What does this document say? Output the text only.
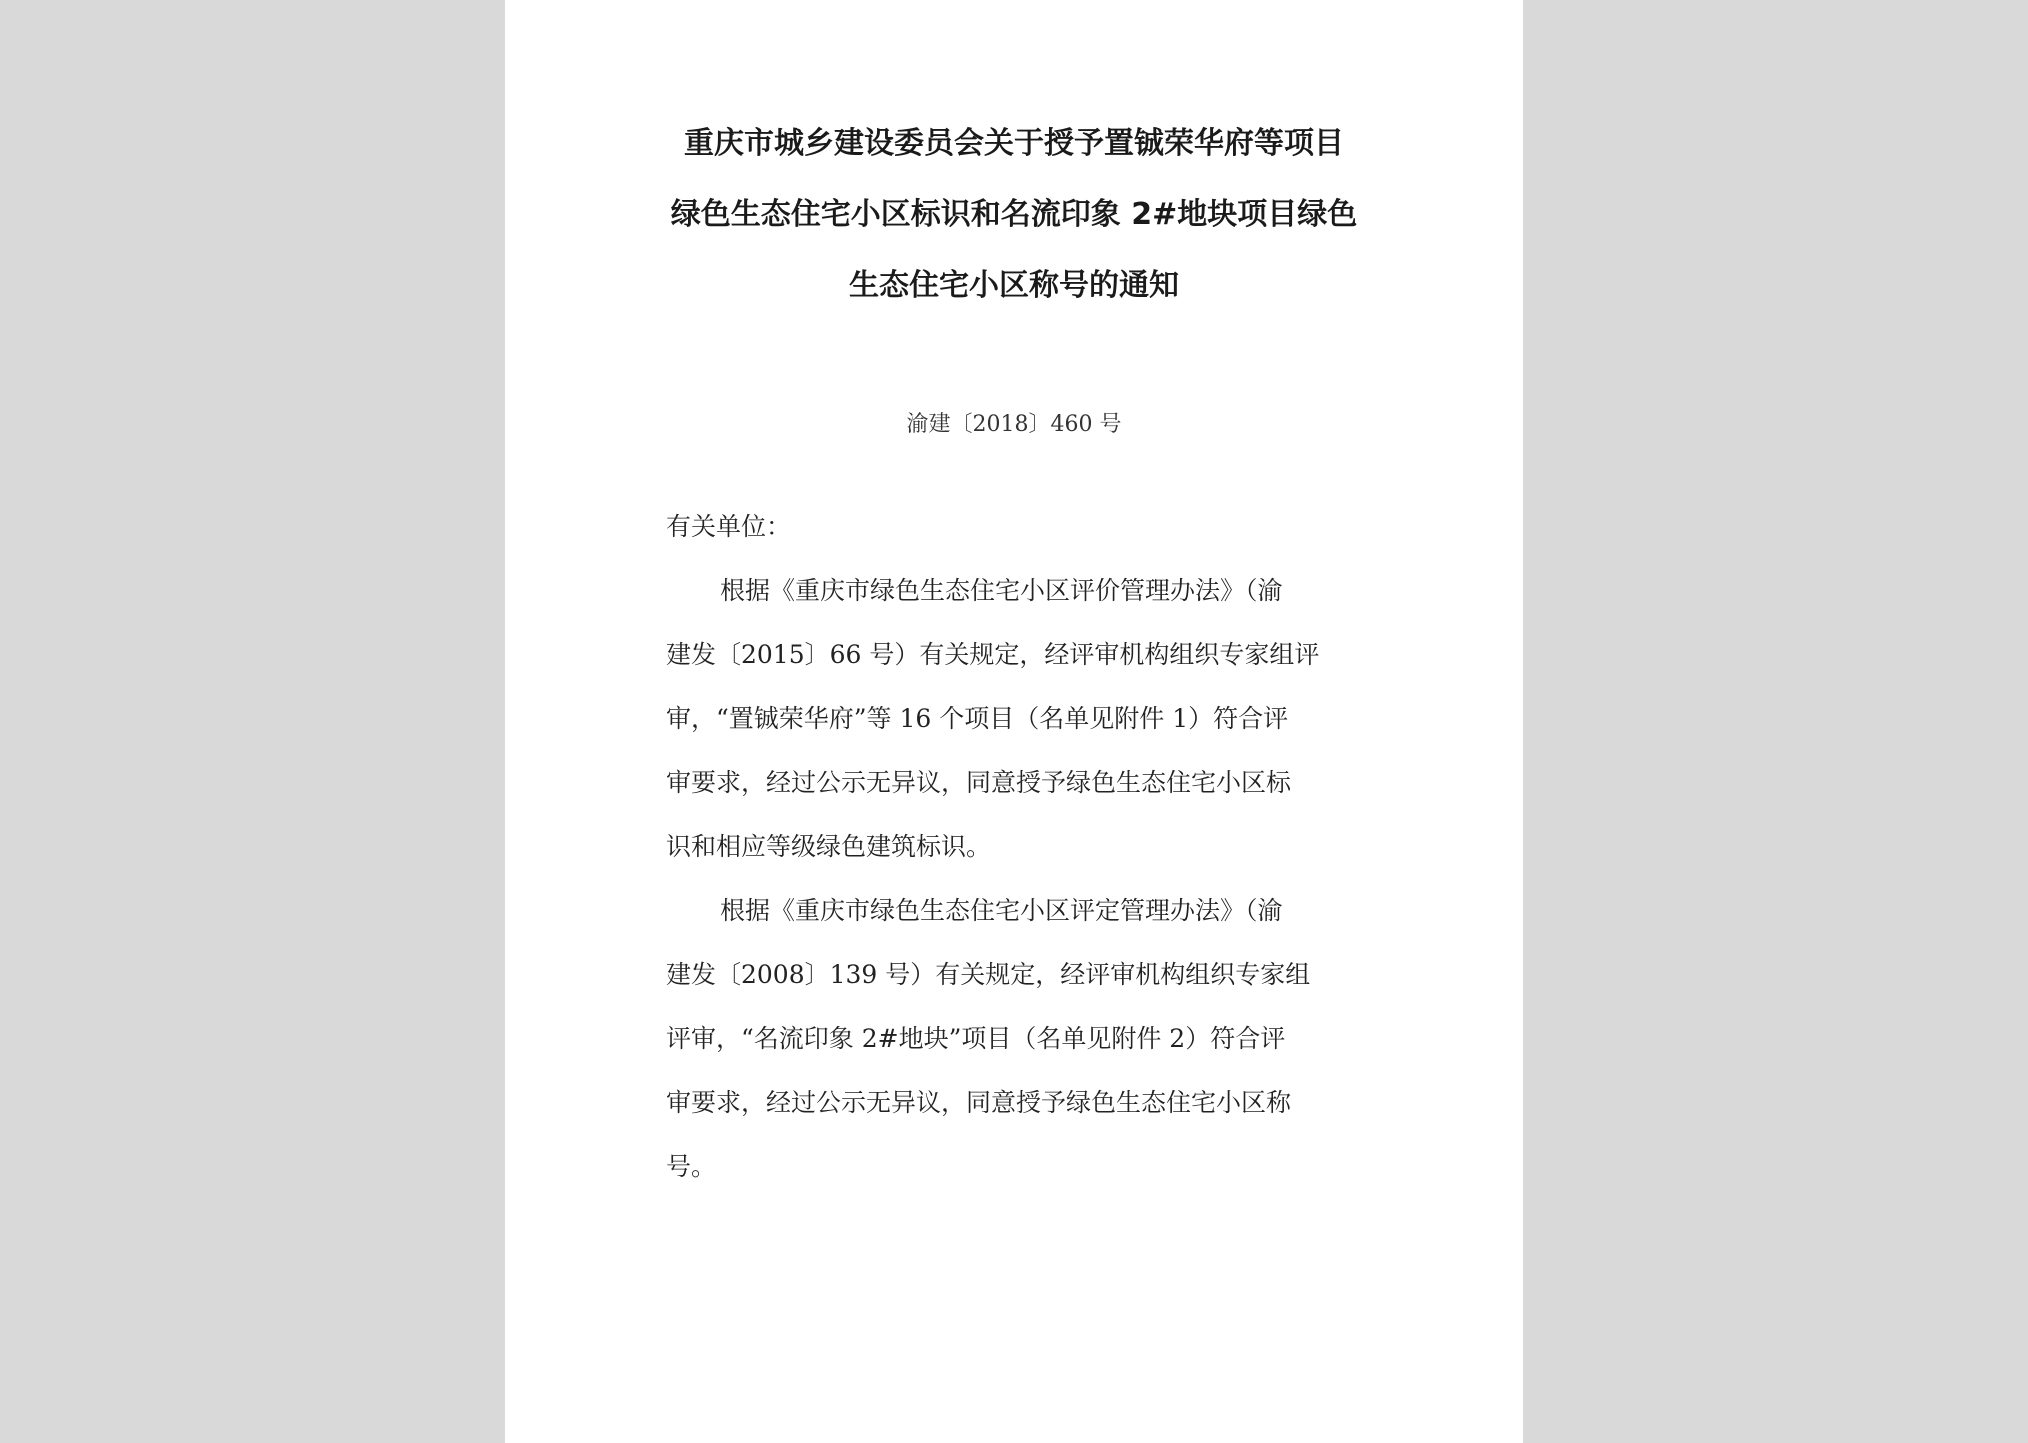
重庆市城乡建设委员会关于授予置铖荣华府等项目
绿色生态住宅小区标识和名流印象 2#地块项目绿色
生态住宅小区称号的通知
渝建〔2018〕460 号
有关单位：
根据《重庆市绿色生态住宅小区评价管理办法》（渝
建发〔2015〕66 号）有关规定，经评审机构组织专家组评
审，“置铖荣华府”等 16 个项目（名单见附件 1）符合评
审要求，经过公示无异议，同意授予绿色生态住宅小区标
识和相应等级绿色建筑标识。
根据《重庆市绿色生态住宅小区评定管理办法》（渝
建发〔2008〕139 号）有关规定，经评审机构组织专家组
评审，“名流印象 2#地块”项目（名单见附件 2）符合评
审要求，经过公示无异议，同意授予绿色生态住宅小区称
号。
